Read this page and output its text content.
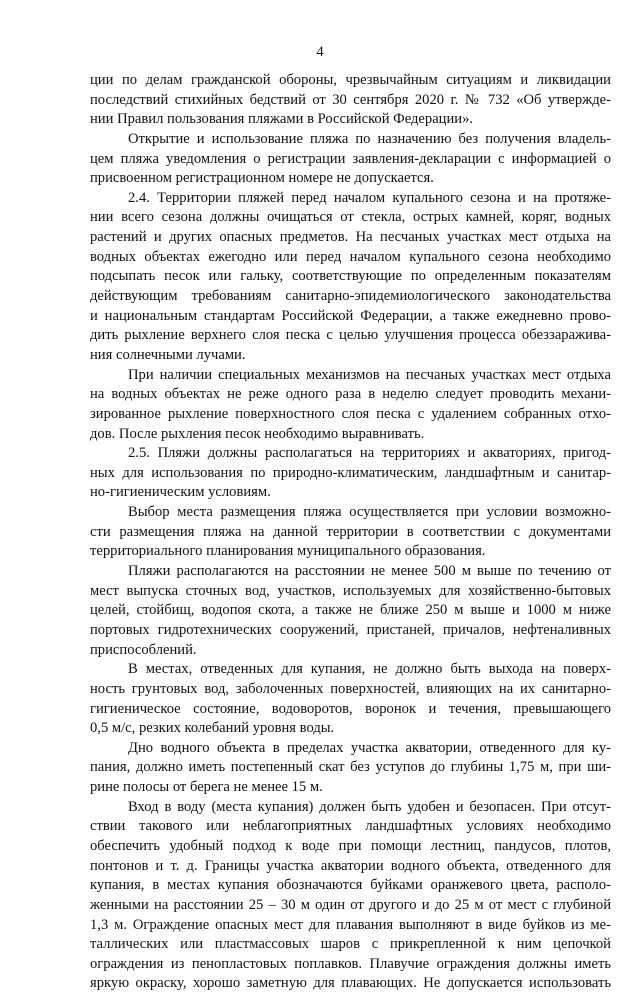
4
ции по делам гражданской обороны, чрезвычайным ситуациям и ликвидации
последствий стихийных бедствий от 30 сентября 2020 г. № 732 «Об утвержде-
нии Правил пользования пляжами в Российской Федерации».
Открытие и использование пляжа по назначению без получения владель-
цем пляжа уведомления о регистрации заявления-декларации с информацией о
присвоенном регистрационном номере не допускается.
2.4. Территории пляжей перед началом купального сезона и на протяже-
нии всего сезона должны очищаться от стекла, острых камней, коряг, водных
растений и других опасных предметов. На песчаных участках мест отдыха на
водных объектах ежегодно или перед началом купального сезона необходимо
подсыпать песок или гальку, соответствующие по определенным показателям
действующим требованиям санитарно-эпидемиологического законодательства
и национальным стандартам Российской Федерации, а также ежедневно прово-
дить рыхление верхнего слоя песка с целью улучшения процесса обеззаражива-
ния солнечными лучами.
При наличии специальных механизмов на песчаных участках мест отдыха
на водных объектах не реже одного раза в неделю следует проводить механи-
зированное рыхление поверхностного слоя песка с удалением собранных отхо-
дов. После рыхления песок необходимо выравнивать.
2.5. Пляжи должны располагаться на территориях и акваториях, пригод-
ных для использования по природно-климатическим, ландшафтным и санитар-
но-гигиеническим условиям.
Выбор места размещения пляжа осуществляется при условии возможно-
сти размещения пляжа на данной территории в соответствии с документами
территориального планирования муниципального образования.
Пляжи располагаются на расстоянии не менее 500 м выше по течению от
мест выпуска сточных вод, участков, используемых для хозяйственно-бытовых
целей, стойбищ, водопоя скота, а также не ближе 250 м выше и 1000 м ниже
портовых гидротехнических сооружений, пристаней, причалов, нефтеналивных
приспособлений.
В местах, отведенных для купания, не должно быть выхода на поверх-
ность грунтовых вод, заболоченных поверхностей, влияющих на их санитарно-
гигиеническое состояние, водоворотов, воронок и течения, превышающего
0,5 м/с, резких колебаний уровня воды.
Дно водного объекта в пределах участка акватории, отведенного для ку-
пания, должно иметь постепенный скат без уступов до глубины 1,75 м, при ши-
рине полосы от берега не менее 15 м.
Вход в воду (места купания) должен быть удобен и безопасен. При отсут-
ствии такового или неблагоприятных ландшафтных условиях необходимо
обеспечить удобный подход к воде при помощи лестниц, пандусов, плотов,
понтонов и т. д. Границы участка акватории водного объекта, отведенного для
купания, в местах купания обозначаются буйками оранжевого цвета, располо-
женными на расстоянии 25 – 30 м один от другого и до 25 м от мест с глубиной
1,3 м. Ограждение опасных мест для плавания выполняют в виде буйков из ме-
таллических или пластмассовых шаров с прикрепленной к ним цепочкой
ограждения из пенопластовых поплавков. Плавучие ограждения должны иметь
яркую окраску, хорошо заметную для плавающих. Не допускается использовать
